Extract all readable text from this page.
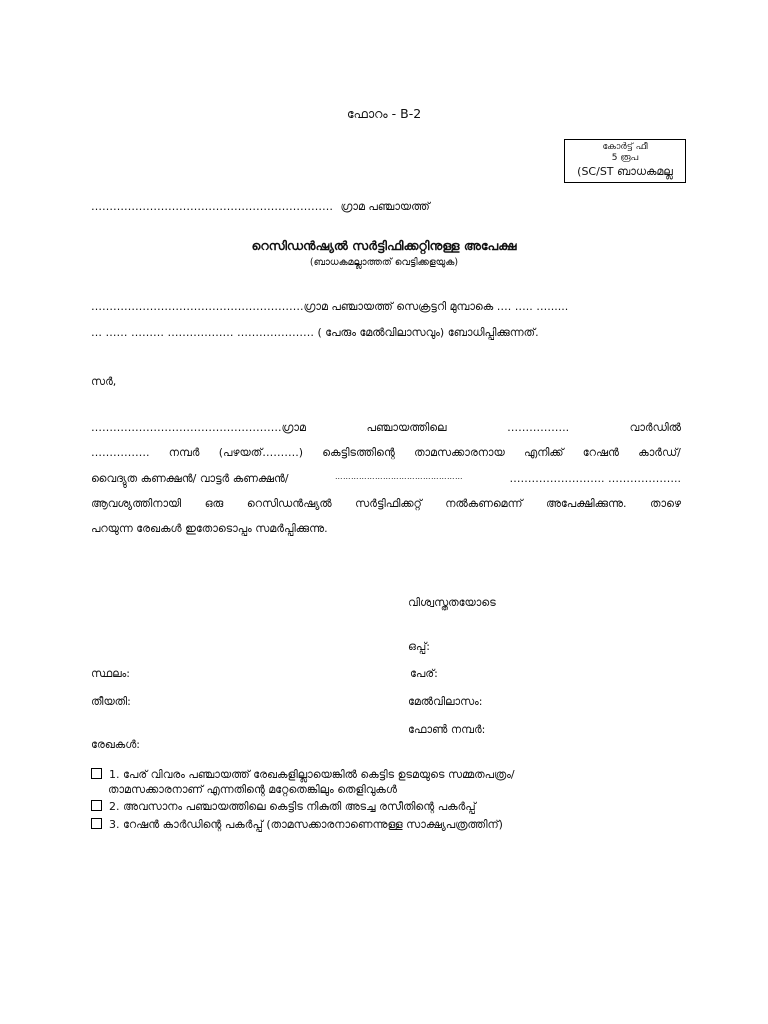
ഫോറം - B-2
കോർട്ട് ഫീ
5 രൂപ
(SC/ST ബാധകമല്ല
………………………………………………………… ഗ്രാമ പഞ്ചായത്ത്
റെസിഡൻഷ്യൽ സർട്ടിഫിക്കറ്റിനുള്ള അപേക്ഷ
(ബാധകമല്ലാത്തത് വെട്ടിക്കളയുക)
………………………………………………….ഗ്രാമ പഞ്ചായത്ത് സെക്രട്ടറി മുമ്പാകെ …. ….. …......
… …… ……… ……………… ………………… ( പേരും മേൽവിലാസവും) ബോധിപ്പിക്കുന്നത്.
സർ,
…………………………………………….ഗ്രാമ	പഞ്ചായത്തിലെ	……………..	വാർഡിൽ
……………. നമ്പർ (പഴയത്……….) കെട്ടിടത്തിന്റെ താമസക്കാരനായ എനിക്ക് റേഷൻ കാർഡ്/
വൈദ്യുത കണക്ഷൻ/ വാട്ടർ കണക്ഷൻ/	…………………………………………	…………………….. ………………..
ആവശ്യത്തിനായി ഒരു റെസിഡൻഷ്യൽ സർട്ടിഫിക്കറ്റ് നൽകണമെന്ന് അപേക്ഷിക്കുന്നു. താഴെ
പറയുന്ന രേഖകൾ ഇതോടൊപ്പം സമർപ്പിക്കുന്നു.
വിശ്വസ്തതയോടെ
ഒപ്പ്:
സ്ഥലം:	പേര്:
തീയതി:	മേൽവിലാസം:
ഫോൺ നമ്പർ:
രേഖകൾ:
1. പേര് വിവരം പഞ്ചായത്ത് രേഖകളില്ലായെങ്കിൽ കെട്ടിട ഉടമയുടെ സമ്മതപത്രം/
താമസക്കാരനാണ് എന്നതിന്റെ മറ്റേതെങ്കിലും തെളിവുകൾ
2. അവസാനം പഞ്ചായത്തിലെ കെട്ടിട നികുതി അടച്ച രസീതിന്റെ പകർപ്പ്
3. റേഷൻ കാർഡിന്റെ പകർപ്പ് (താമസക്കാരനാണെന്നുള്ള സാക്ഷ്യപത്രത്തിന്)
